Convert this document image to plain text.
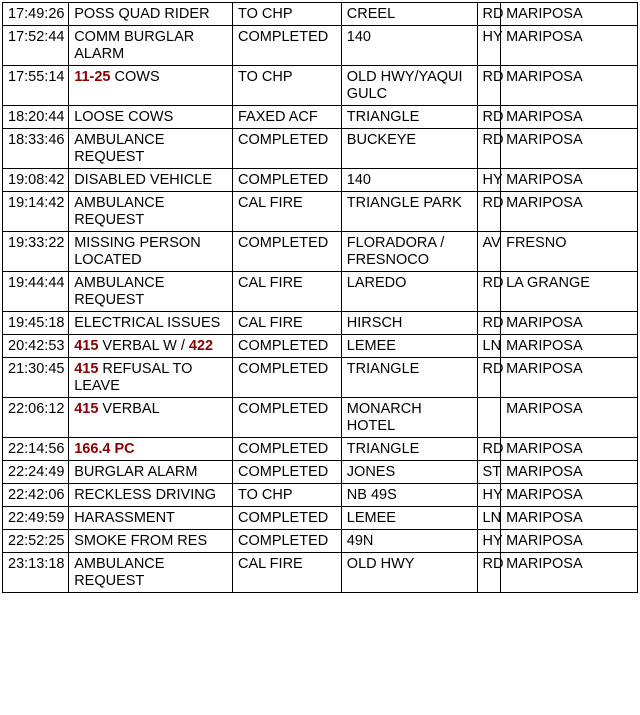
17:49:26	POSS QUAD RIDER	TO CHP	CREEL	RD	MARIPOSA
17:52:44	COMM BURGLAR ALARM	COMPLETED	140	HY	MARIPOSA
17:55:14	11-25 COWS	TO CHP	OLD HWY/YAQUI GULC	RD	MARIPOSA
18:20:44	LOOSE COWS	FAXED ACF	TRIANGLE	RD	MARIPOSA
18:33:46	AMBULANCE REQUEST	COMPLETED	BUCKEYE	RD	MARIPOSA
19:08:42	DISABLED VEHICLE	COMPLETED	140	HY	MARIPOSA
19:14:42	AMBULANCE REQUEST	CAL FIRE	TRIANGLE PARK	RD	MARIPOSA
19:33:22	MISSING PERSON LOCATED	COMPLETED	FLORADORA / FRESNOCO	AV	FRESNO
19:44:44	AMBULANCE REQUEST	CAL FIRE	LAREDO	RD	LA GRANGE
19:45:18	ELECTRICAL ISSUES	CAL FIRE	HIRSCH	RD	MARIPOSA
20:42:53	415 VERBAL W / 422	COMPLETED	LEMEE	LN	MARIPOSA
21:30:45	415 REFUSAL TO LEAVE	COMPLETED	TRIANGLE	RD	MARIPOSA
22:06:12	415 VERBAL	COMPLETED	MONARCH HOTEL		MARIPOSA
22:14:56	166.4 PC	COMPLETED	TRIANGLE	RD	MARIPOSA
22:24:49	BURGLAR ALARM	COMPLETED	JONES	ST	MARIPOSA
22:42:06	RECKLESS DRIVING	TO CHP	NB 49S	HY	MARIPOSA
22:49:59	HARASSMENT	COMPLETED	LEMEE	LN	MARIPOSA
22:52:25	SMOKE FROM RES	COMPLETED	49N	HY	MARIPOSA
23:13:18	AMBULANCE REQUEST	CAL FIRE	OLD HWY	RD	MARIPOSA
